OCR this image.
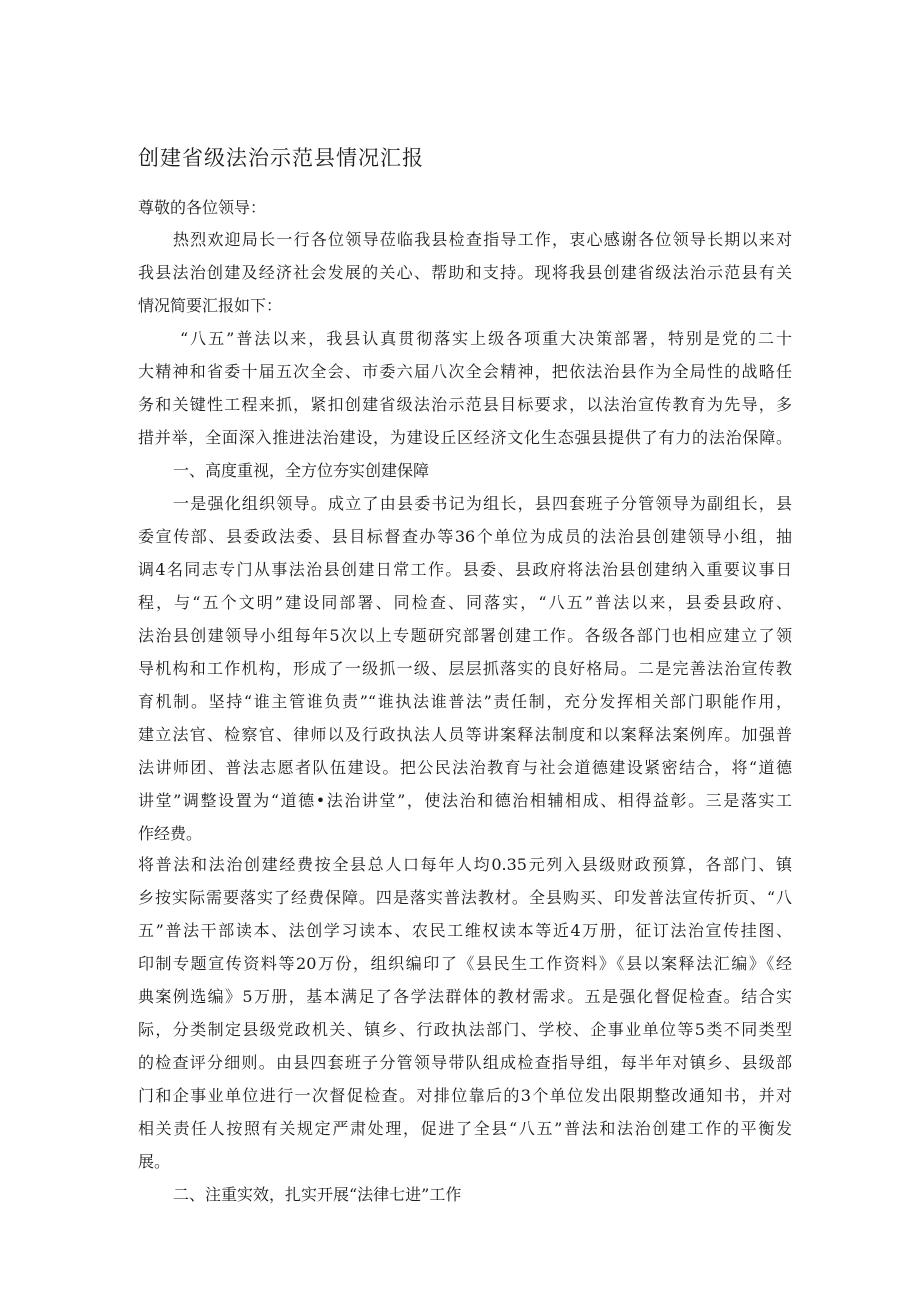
创建省级法治示范县情况汇报
尊敬的各位领导：
热烈欢迎局长一行各位领导莅临我县检查指导工作，衷心感谢各位领导长期以来对
我县法治创建及经济社会发展的关心、帮助和支持。现将我县创建省级法治示范县有关
情况简要汇报如下：
“八五”普法以来，我县认真贯彻落实上级各项重大决策部署，特别是党的二十
大精神和省委十届五次全会、市委六届八次全会精神，把依法治县作为全局性的战略任
务和关键性工程来抓，紧扣创建省级法治示范县目标要求，以法治宣传教育为先导，多
措并举，全面深入推进法治建设，为建设丘区经济文化生态强县提供了有力的法治保障。
一、高度重视，全方位夯实创建保障
一是强化组织领导。成立了由县委书记为组长，县四套班子分管领导为副组长，县
委宣传部、县委政法委、县目标督查办等36个单位为成员的法治县创建领导小组，抽
调4名同志专门从事法治县创建日常工作。县委、县政府将法治县创建纳入重要议事日
程，与“五个文明”建设同部署、同检查、同落实，“八五”普法以来，县委县政府、
法治县创建领导小组每年5次以上专题研究部署创建工作。各级各部门也相应建立了领
导机构和工作机构，形成了一级抓一级、层层抓落实的良好格局。二是完善法治宣传教
育机制。坚持“谁主管谁负责”“谁执法谁普法”责任制，充分发挥相关部门职能作用，
建立法官、检察官、律师以及行政执法人员等讲案释法制度和以案释法案例库。加强普
法讲师团、普法志愿者队伍建设。把公民法治教育与社会道德建设紧密结合，将“道德
讲堂”调整设置为“道德•法治讲堂”，使法治和德治相辅相成、相得益彰。三是落实工
作经费。
将普法和法治创建经费按全县总人口每年人均0.35元列入县级财政预算，各部门、镇
乡按实际需要落实了经费保障。四是落实普法教材。全县购买、印发普法宣传折页、“八
五”普法干部读本、法创学习读本、农民工维权读本等近4万册，征订法治宣传挂图、
印制专题宣传资料等20万份，组织编印了《县民生工作资料》《县以案释法汇编》《经
典案例选编》5万册，基本满足了各学法群体的教材需求。五是强化督促检查。结合实
际，分类制定县级党政机关、镇乡、行政执法部门、学校、企事业单位等5类不同类型
的检查评分细则。由县四套班子分管领导带队组成检查指导组，每半年对镇乡、县级部
门和企事业单位进行一次督促检查。对排位靠后的3个单位发出限期整改通知书，并对
相关责任人按照有关规定严肃处理，促进了全县“八五”普法和法治创建工作的平衡发
展。
二、注重实效，扎实开展“法律七进”工作
